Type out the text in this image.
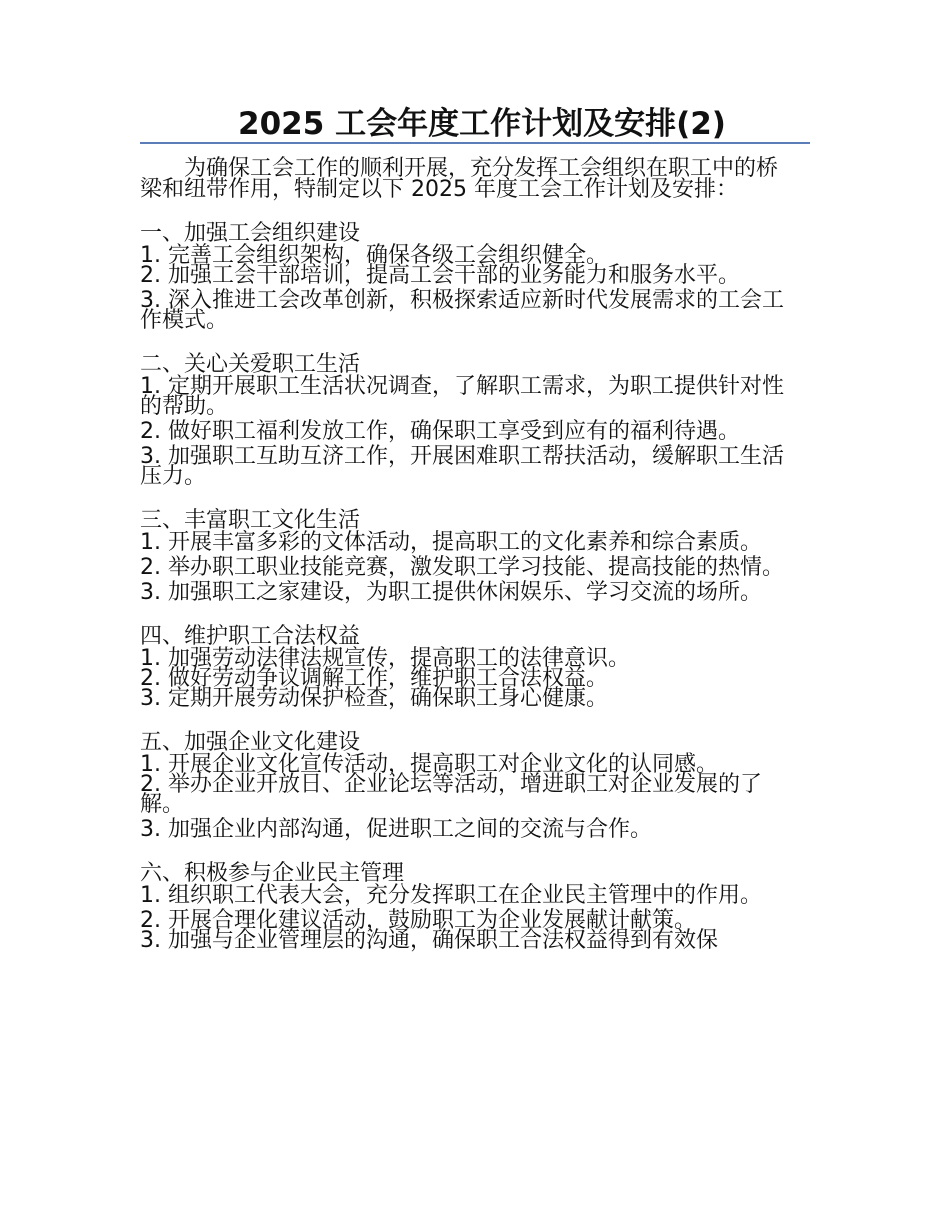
2025 工会年度工作计划及安排(2)

为确保工会工作的顺利开展，充分发挥工会组织在职工中的桥梁和纽带作用，特制定以下 2025 年度工会工作计划及安排：

一、加强工会组织建设

1. 完善工会组织架构，确保各级工会组织健全。

2. 加强工会干部培训，提高工会干部的业务能力和服务水平。

3. 深入推进工会改革创新，积极探索适应新时代发展需求的工会工作模式。

二、关心关爱职工生活

1. 定期开展职工生活状况调查，了解职工需求，为职工提供针对性的帮助。

2. 做好职工福利发放工作，确保职工享受到应有的福利待遇。

3. 加强职工互助互济工作，开展困难职工帮扶活动，缓解职工生活压力。

三、丰富职工文化生活

1. 开展丰富多彩的文体活动，提高职工的文化素养和综合素质。

2. 举办职工职业技能竞赛，激发职工学习技能、提高技能的热情。

3. 加强职工之家建设，为职工提供休闲娱乐、学习交流的场所。

四、维护职工合法权益

1. 加强劳动法律法规宣传，提高职工的法律意识。

2. 做好劳动争议调解工作，维护职工合法权益。

3. 定期开展劳动保护检查，确保职工身心健康。

五、加强企业文化建设

1. 开展企业文化宣传活动，提高职工对企业文化的认同感。

2. 举办企业开放日、企业论坛等活动，增进职工对企业发展的了解。

3. 加强企业内部沟通，促进职工之间的交流与合作。

六、积极参与企业民主管理

1. 组织职工代表大会，充分发挥职工在企业民主管理中的作用。

2. 开展合理化建议活动，鼓励职工为企业发展献计献策。

3. 加强与企业管理层的沟通，确保职工合法权益得到有效保
